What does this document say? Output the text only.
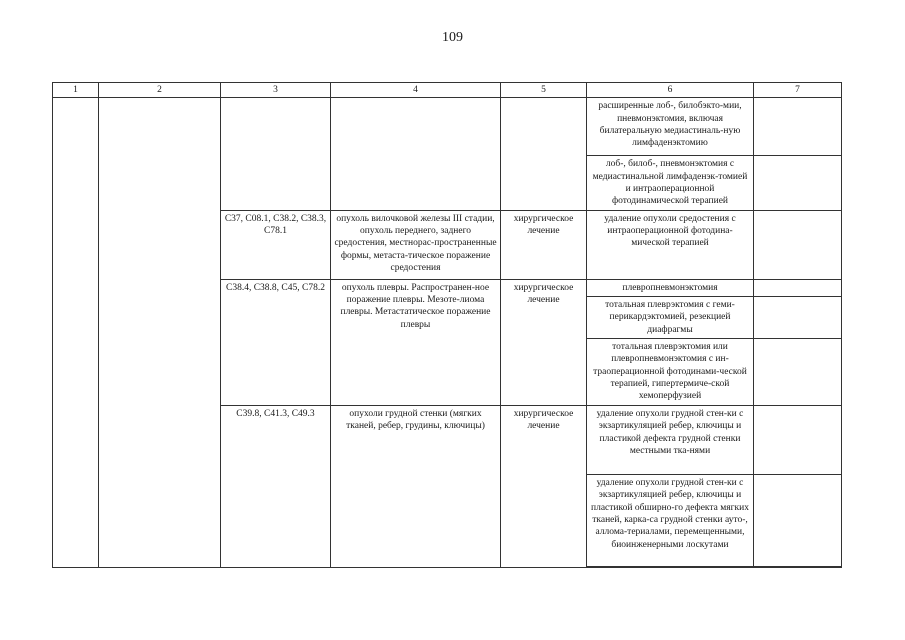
109
1	2	3	4	5	6	7
					расширенные лоб-, билобэкто-мии, пневмонэктомия, включая билатеральную медиастиналь-ную лимфаденэктомию	
					лоб-, билоб-, пневмонэктомия с медиастинальной лимфаденэк-томией и интраоперационной фотодинамической терапией	
		C37, C08.1, C38.2, C38.3, C78.1	опухоль вилочковой железы III стадии, опухоль переднего, заднего средостения, местнорас-пространенные формы, метаста-тическое поражение средостения	хирургическое лечение	удаление опухоли средостения с интраоперационной фотодина-мической терапией	
		C38.4, C38.8, C45, C78.2	опухоль плевры. Распространен-ное поражение плевры. Мезоте-лиома плевры. Метастатическое поражение плевры	хирургическое лечение	плевропневмонэктомия	
					тотальная плеврэктомия с геми-перикардэктомией, резекцией диафрагмы	
					тотальная плеврэктомия или плевропневмонэктомия с ин-траоперационной фотодинами-ческой терапией, гипертермиче-ской хемоперфузией	
		C39.8, C41.3, C49.3	опухоли грудной стенки (мягких тканей, ребер, грудины, ключицы)	хирургическое лечение	удаление опухоли грудной стен-ки с экзартикуляцией ребер, ключицы и пластикой дефекта грудной стенки местными тка-нями	
					удаление опухоли грудной стен-ки с экзартикуляцией ребер, ключицы и пластикой обширно-го дефекта мягких тканей, карка-са грудной стенки ауто-, аллома-териалами, перемещенными, биоинженерными лоскутами	
